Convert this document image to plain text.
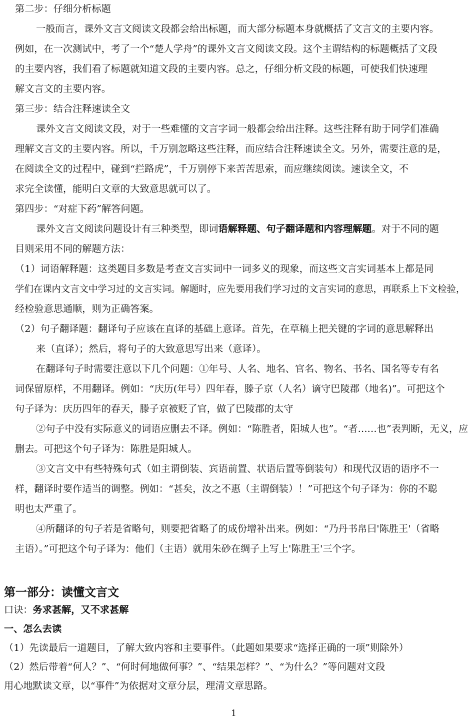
第二步：仔细分析标题
一般而言，课外文言文阅读文段都会给出标题，而大部分标题本身就概括了文言文的主要内容。
例如，在一次测试中，考了一个“楚人学舟”的课外文言文阅读文段。这个主谓结构的标题概括了文段
的主要内容，我们看了标题就知道文段的主要内容。总之，仔细分析文段的标题，可使我们快速理
解文言文的主要内容。
第三步：结合注释速读全文
课外文言文阅读文段，对于一些难懂的文言字词一般都会给出注释。这些注释有助于同学们准确
理解文言文的主要内容。所以，千万别忽略这些注释，而应结合注释速读全文。另外，需要注意的是，
在阅读全文的过程中，碰到“拦路虎”，千万别停下来苦苦思索，而应继续阅读。速读全文，不
求完全读懂，能明白文章的大致意思就可以了。
第四步：“对症下药”解答问题。
课外文言文阅读问题设计有三种类型，即词语解释题、句子翻译题和内容理解题。对于不同的题
目则采用不同的解题方法：
（1）词语解释题：这类题目多数是考查文言实词中一词多义的现象，而这些文言实词基本上都是同
学们在课内文言文中学习过的文言实词。解题时，应先要用我们学习过的文言实词的意思，再联系上下文检验，
经检验意思通顺，则为正确答案。
（2）句子翻译题：翻译句子应该在直译的基础上意译。首先，在草稿上把关键的字词的意思解释出
来（直译）；然后，将句子的大致意思写出来（意译）。
在翻译句子时需要注意以下几个问题：①年号、人名、地名、官名、物名、书名、国名等专有名
词保留原样，不用翻译。例如：“庆历(年号）四年春，滕子京（人名）谪守巴陵郡（地名)”。可把这个
句子译为：庆历四年的春天，滕子京被贬了官，做了巴陵郡的太守
②句子中没有实际意义的词语应删去不译。例如：“陈胜者，阳城人也”。“者……也”表判断，无义，应
删去。可把这个句子译为：陈胜是阳城人。
③文言文中有些特殊句式（如主谓倒装、宾语前置、状语后置等倒装句）和现代汉语的语序不一
样，翻译时要作适当的调整。例如：“甚矣，汝之不惠（主谓倒装）！”可把这个句子译为：你的不聪
明也太严重了。
④所翻译的句子若是省略句，则要把省略了的成份增补出来。例如：“乃丹书帛曰'陈胜王'（省略
主语）。”可把这个句子译为：他们（主语）就用朱砂在绸子上写上'陈胜王'三个字。
第一部分：读懂文言文
口诀：务求甚解，又不求甚解
一、怎么去读
（1）先读最后一道题目，了解大致内容和主要事件。（此题如果要求“选择正确的一项”则除外）
（2）然后带着“何人？”、“何时何地做何事？”、“结果怎样？”、“为什么？”等问题对文段
用心地默读文章，以“事件”为依据对文章分层，理清文章思路。
1
